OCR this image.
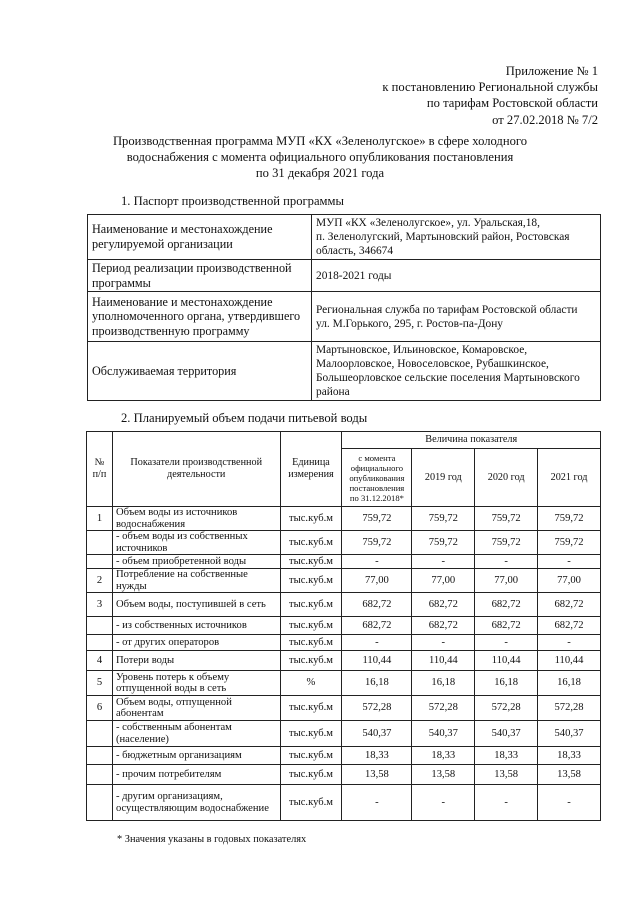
Приложение № 1
к постановлению Региональной службы
по тарифам Ростовской области
от 27.02.2018 № 7/2
Производственная программа МУП «КХ «Зеленолугское» в сфере холодного
водоснабжения с момента официального опубликования постановления
по 31 декабря 2021 года
1. Паспорт производственной программы
Наименование и местонахождение регулируемой организации	МУП «КХ «Зеленолугское», ул. Уральская,18,
п. Зеленолугский, Мартыновский район, Ростовская область, 346674

Период реализации производственной программы	2018-2021 годы

Наименование и местонахождение уполномоченного органа, утвердившего производственную программу	Региональная служба по тарифам Ростовской области
ул. М.Горького, 295, г. Ростов-па-Дону

Обслуживаемая территория	Мартыновское, Ильиновское, Комаровское, Малоорловское, Новоселовское, Рубашкинское, Большеорловское сельские поселения Мартыновского района
2. Планируемый объем подачи питьевой воды
№ п/п	Показатели производственной деятельности	Единица измерения	Величина показателя			
			с момента официального опубликования постановления по 31.12.2018*	2019 год	2020 год	2021 год
1	Объем воды из источников водоснабжения	тыс.куб.м	759,72	759,72	759,72	759,72
	- объем воды из собственных источников	тыс.куб.м	759,72	759,72	759,72	759,72
	- объем приобретенной воды	тыс.куб.м	-	-	-	-
2	Потребление на собственные нужды	тыс.куб.м	77,00	77,00	77,00	77,00
3	Объем воды, поступившей в сеть	тыс.куб.м	682,72	682,72	682,72	682,72
	- из собственных источников	тыс.куб.м	682,72	682,72	682,72	682,72
	- от других операторов	тыс.куб.м	-	-	-	-
4	Потери воды	тыс.куб.м	110,44	110,44	110,44	110,44
5	Уровень потерь к объему отпущенной воды в сеть	%	16,18	16,18	16,18	16,18
6	Объем воды, отпущенной абонентам	тыс.куб.м	572,28	572,28	572,28	572,28
	- собственным абонентам (население)	тыс.куб.м	540,37	540,37	540,37	540,37
	- бюджетным организациям	тыс.куб.м	18,33	18,33	18,33	18,33
	- прочим потребителям	тыс.куб.м	13,58	13,58	13,58	13,58
	- другим организациям, осуществляющим водоснабжение	тыс.куб.м	-	-	-	-
* Значения указаны в годовых показателях
